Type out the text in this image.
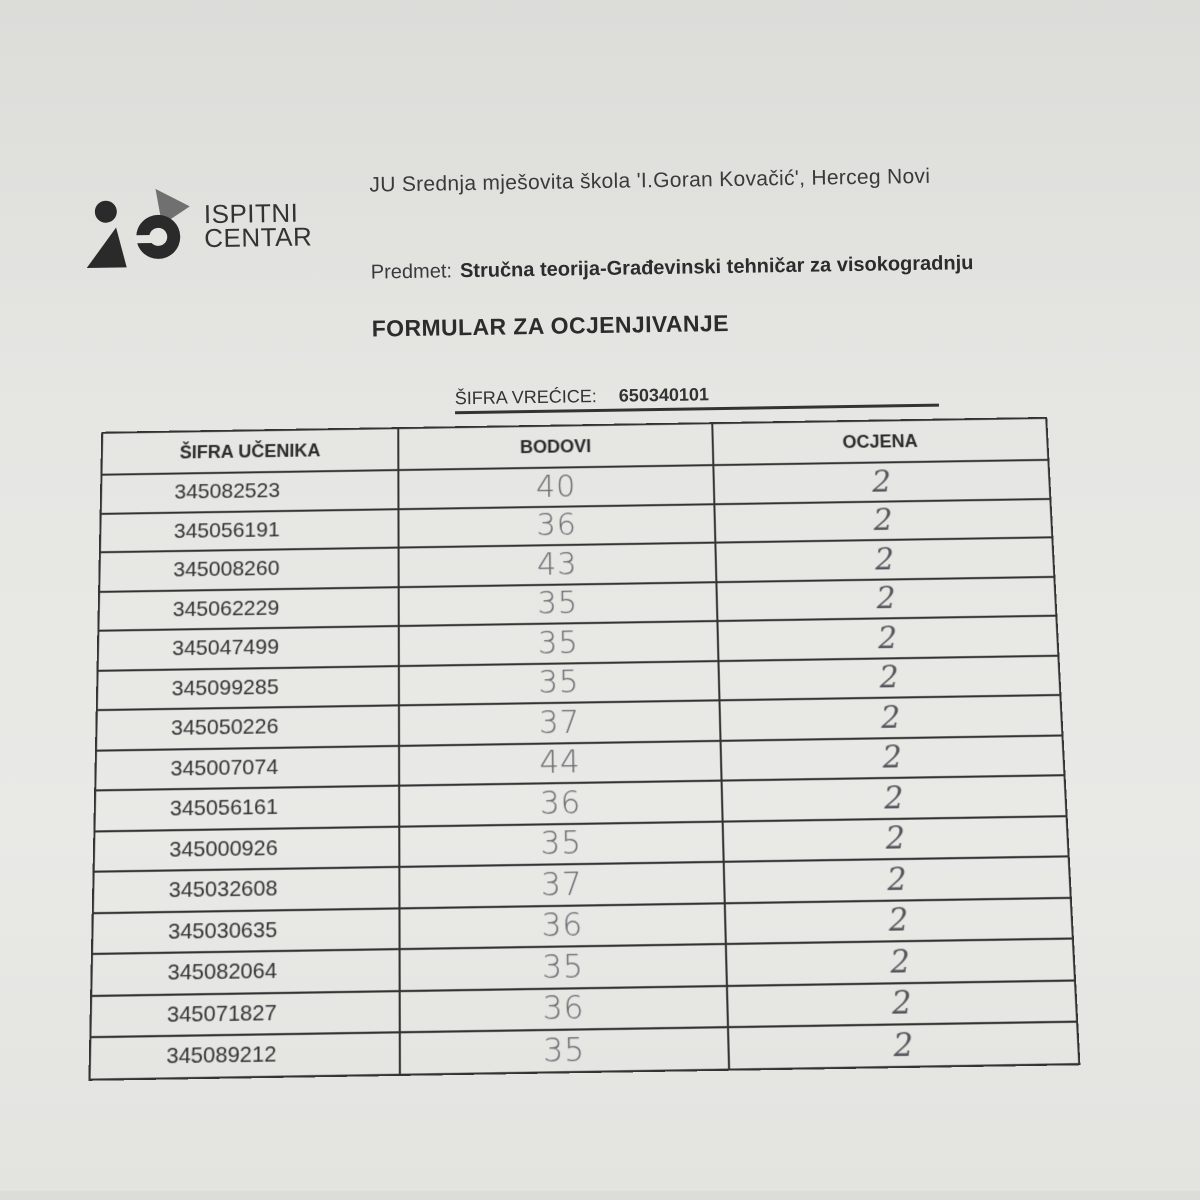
ISPITNI
CENTAR
JU Srednja mješovita škola 'I.Goran Kovačić', Herceg Novi
Predmet: Stručna teorija-Građevinski tehničar za visokogradnju
FORMULAR ZA OCJENJIVANJE
ŠIFRA VREĆICE: 650340101
ŠIFRA UČENIKA	BODOVI	OCJENA
345082523	40	2
345056191	36	2
345008260	43	2
345062229	35	2
345047499	35	2
345099285	35	2
345050226	37	2
345007074	44	2
345056161	36	2
345000926	35	2
345032608	37	2
345030635	36	2
345082064	35	2
345071827	36	2
345089212	35	2
